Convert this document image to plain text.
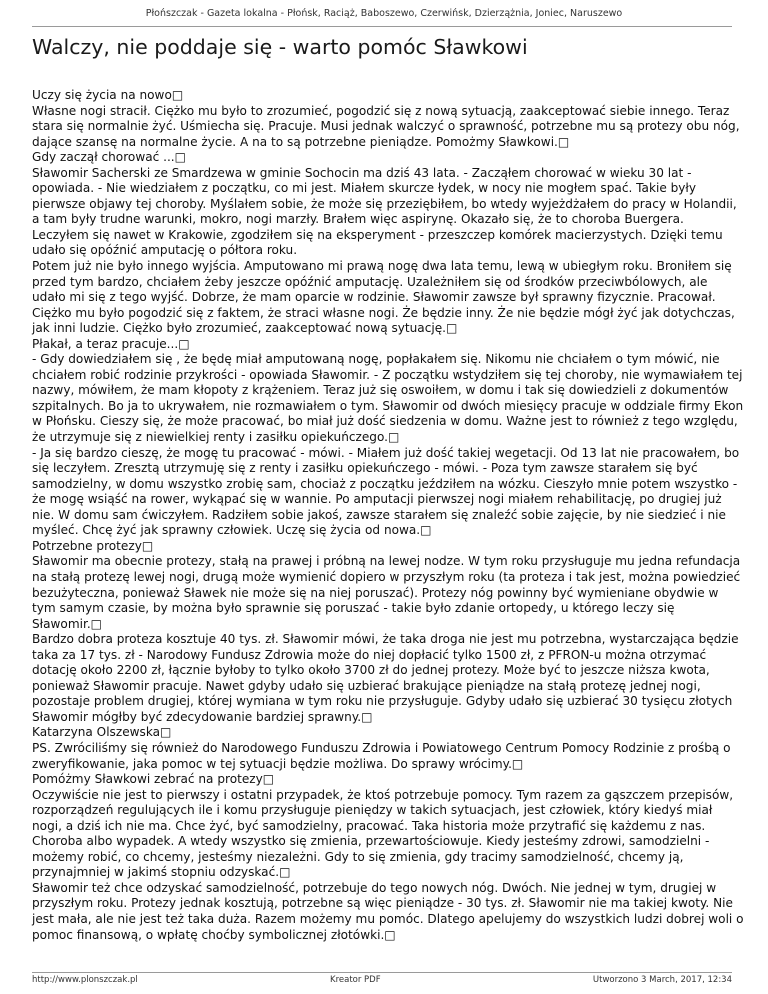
Płońszczak - Gazeta lokalna - Płońsk, Raciąż, Baboszewo, Czerwińsk, Dzierzążnia, Joniec, Naruszewo
Walczy, nie poddaje się - warto pomóc Sławkowi

Uczy się życia na nowo□

Własne nogi stracił. Ciężko mu było to zrozumieć, pogodzić się z nową sytuacją, zaakceptować siebie innego. Teraz stara się normalnie żyć. Uśmiecha się. Pracuje. Musi jednak walczyć o sprawność, potrzebne mu są protezy obu nóg, dające szansę na normalne życie. A na to są potrzebne pieniądze. Pomożmy Sławkowi.□

Gdy zaczął chorować ...□

Sławomir Sacherski ze Smardzewa w gminie Sochocin ma dziś 43 lata. - Zacząłem chorować w wieku 30 lat - opowiada. - Nie wiedziałem z początku, co mi jest. Miałem skurcze łydek, w nocy nie mogłem spać. Takie były pierwsze objawy tej choroby. Myślałem sobie, że może się przeziębiłem, bo wtedy wyjeżdżałem do pracy w Holandii, a tam były trudne warunki, mokro, nogi marzły. Brałem więc aspirynę. Okazało się, że to choroba Buergera. Leczyłem się nawet w Krakowie, zgodziłem się na eksperyment - przeszczep komórek macierzystych. Dzięki temu udało się opóźnić amputację o półtora roku.

Potem już nie było innego wyjścia. Amputowano mi prawą nogę dwa lata temu, lewą w ubiegłym roku. Broniłem się przed tym bardzo, chciałem żeby jeszcze opóźnić amputację. Uzależniłem się od środków przeciwbólowych, ale udało mi się z tego wyjść. Dobrze, że mam oparcie w rodzinie. Sławomir zawsze był sprawny fizycznie. Pracował. Ciężko mu było pogodzić się z faktem, że straci własne nogi. Że będzie inny. Że nie będzie mógł żyć jak dotychczas, jak inni ludzie. Ciężko było zrozumieć, zaakceptować nową sytuację.□

Płakał, a teraz pracuje...□

- Gdy dowiedziałem się , że będę miał amputowaną nogę, popłakałem się. Nikomu nie chciałem o tym mówić, nie chciałem robić rodzinie przykrości - opowiada Sławomir. - Z początku wstydziłem się tej choroby, nie wymawiałem tej nazwy, mówiłem, że mam kłopoty z krążeniem. Teraz już się oswoiłem, w domu i tak się dowiedzieli z dokumentów szpitalnych. Bo ja to ukrywałem, nie rozmawiałem o tym. Sławomir od dwóch miesięcy pracuje w oddziale firmy Ekon w Płońsku. Cieszy się, że może pracować, bo miał już dość siedzenia w domu. Ważne jest to również z tego względu, że utrzymuje się z niewielkiej renty i zasiłku opiekuńczego.□

- Ja się bardzo cieszę, że mogę tu pracować - mówi. - Miałem już dość takiej wegetacji. Od 13 lat nie pracowałem, bo się leczyłem. Zresztą utrzymuję się z renty i zasiłku opiekuńczego - mówi. - Poza tym zawsze starałem się być samodzielny, w domu wszystko zrobię sam, chociaż z początku jeździłem na wózku. Cieszyło mnie potem wszystko - że mogę wsiąść na rower, wykąpać się w wannie. Po amputacji pierwszej nogi miałem rehabilitację, po drugiej już nie. W domu sam ćwiczyłem. Radziłem sobie jakoś, zawsze starałem się znaleźć sobie zajęcie, by nie siedzieć i nie myśleć. Chcę żyć jak sprawny człowiek. Uczę się życia od nowa.□

Potrzebne protezy□

Sławomir ma obecnie protezy, stałą na prawej i próbną na lewej nodze. W tym roku przysługuje mu jedna refundacja na stałą protezę lewej nogi, drugą może wymienić dopiero w przyszłym roku (ta proteza i tak jest, można powiedzieć bezużyteczna, ponieważ Sławek nie może się na niej poruszać). Protezy nóg powinny być wymieniane obydwie w tym samym czasie, by można było sprawnie się poruszać - takie było zdanie ortopedy, u którego leczy się Sławomir.□

Bardzo dobra proteza kosztuje 40 tys. zł. Sławomir mówi, że taka droga nie jest mu potrzebna, wystarczająca będzie taka za 17 tys. zł - Narodowy Fundusz Zdrowia może do niej dopłacić tylko 1500 zł, z PFRON-u można otrzymać dotację około 2200 zł, łącznie byłoby to tylko około 3700 zł do jednej protezy. Może być to jeszcze niższa kwota, ponieważ Sławomir pracuje. Nawet gdyby udało się uzbierać brakujące pieniądze na stałą protezę jednej nogi, pozostaje problem drugiej, której wymiana w tym roku nie przysługuje. Gdyby udało się uzbierać 30 tysięcu złotych Sławomir mógłby być zdecydowanie bardziej sprawny.□

Katarzyna Olszewska□

PS. Zwróciliśmy się również do Narodowego Funduszu Zdrowia i Powiatowego Centrum Pomocy Rodzinie z prośbą o zweryfikowanie, jaka pomoc w tej sytuacji będzie możliwa. Do sprawy wrócimy.□

Pomóżmy Sławkowi zebrać na protezy□

Oczywiście nie jest to pierwszy i ostatni przypadek, że ktoś potrzebuje pomocy. Tym razem za gąszczem przepisów, rozporządzeń regulujących ile i komu przysługuje pieniędzy w takich sytuacjach, jest człowiek, który kiedyś miał nogi, a dziś ich nie ma. Chce żyć, być samodzielny, pracować. Taka historia może przytrafić się każdemu z nas. Choroba albo wypadek. A wtedy wszystko się zmienia, przewartościowuje. Kiedy jesteśmy zdrowi, samodzielni - możemy robić, co chcemy, jesteśmy niezależni. Gdy to się zmienia, gdy tracimy samodzielność, chcemy ją, przynajmniej w jakimś stopniu odzyskać.□

Sławomir też chce odzyskać samodzielność, potrzebuje do tego nowych nóg. Dwóch. Nie jednej w tym, drugiej w przyszłym roku. Protezy jednak kosztują, potrzebne są więc pieniądze - 30 tys. zł. Sławomir nie ma takiej kwoty. Nie jest mała, ale nie jest też taka duża. Razem możemy mu pomóc. Dlatego apelujemy do wszystkich ludzi dobrej woli o pomoc finansową, o wpłatę choćby symbolicznej złotówki.□

http://www.plonszczak.pl	Kreator PDF	Utworzono 3 March, 2017, 12:34
